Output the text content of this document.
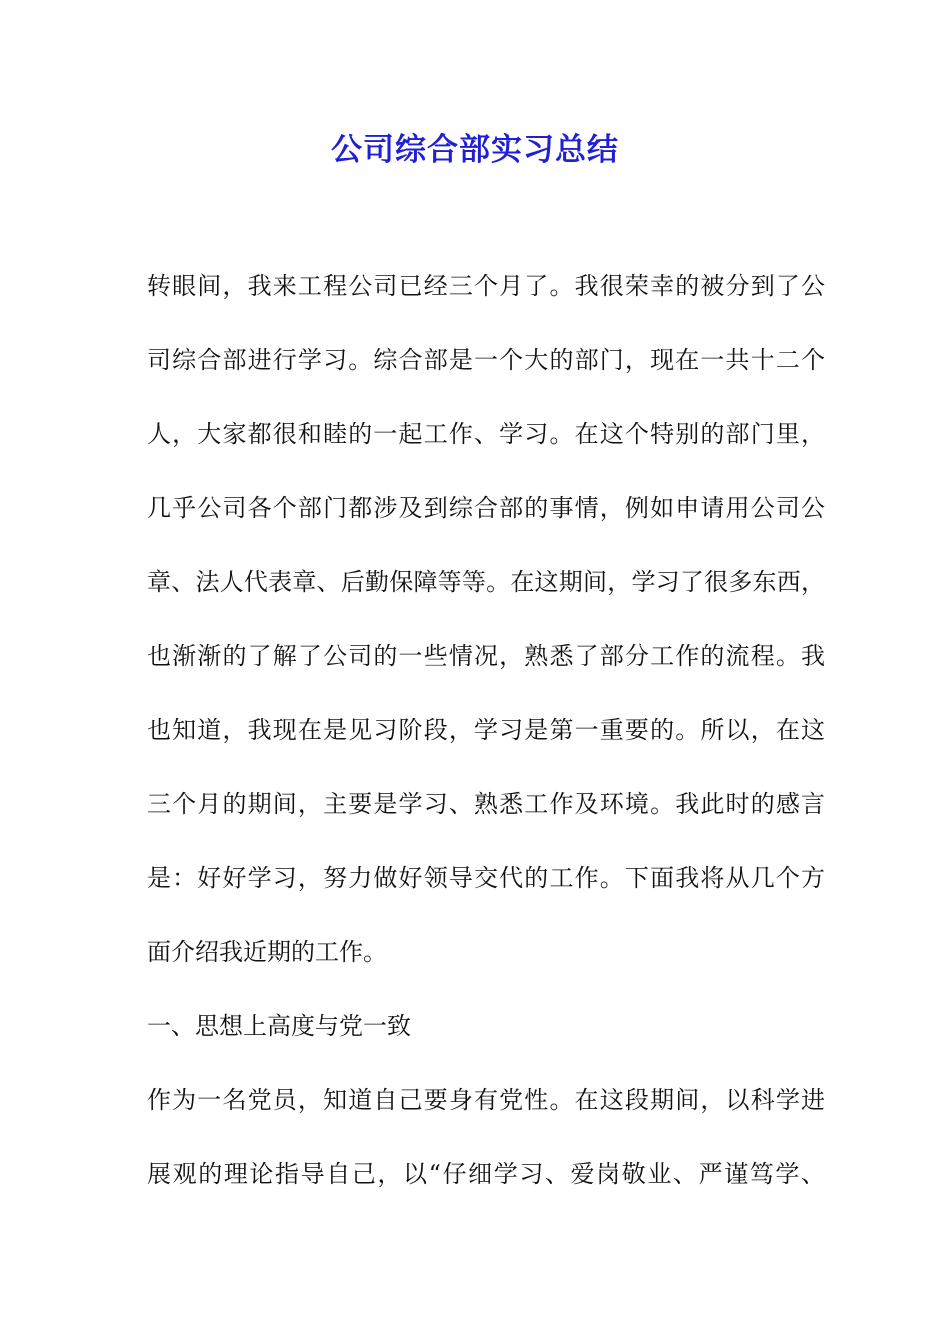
公司综合部实习总结
转眼间，我来工程公司已经三个月了。我很荣幸的被分到了公
司综合部进行学习。综合部是一个大的部门，现在一共十二个
人，大家都很和睦的一起工作、学习。在这个特别的部门里，
几乎公司各个部门都涉及到综合部的事情，例如申请用公司公
章、法人代表章、后勤保障等等。在这期间，学习了很多东西，
也渐渐的了解了公司的一些情况，熟悉了部分工作的流程。我
也知道，我现在是见习阶段，学习是第一重要的。所以，在这
三个月的期间，主要是学习、熟悉工作及环境。我此时的感言
是：好好学习，努力做好领导交代的工作。下面我将从几个方
面介绍我近期的工作。
一、思想上高度与党一致
作为一名党员，知道自己要身有党性。在这段期间，以科学进
展观的理论指导自己，以“仔细学习、爱岗敬业、严谨笃学、
